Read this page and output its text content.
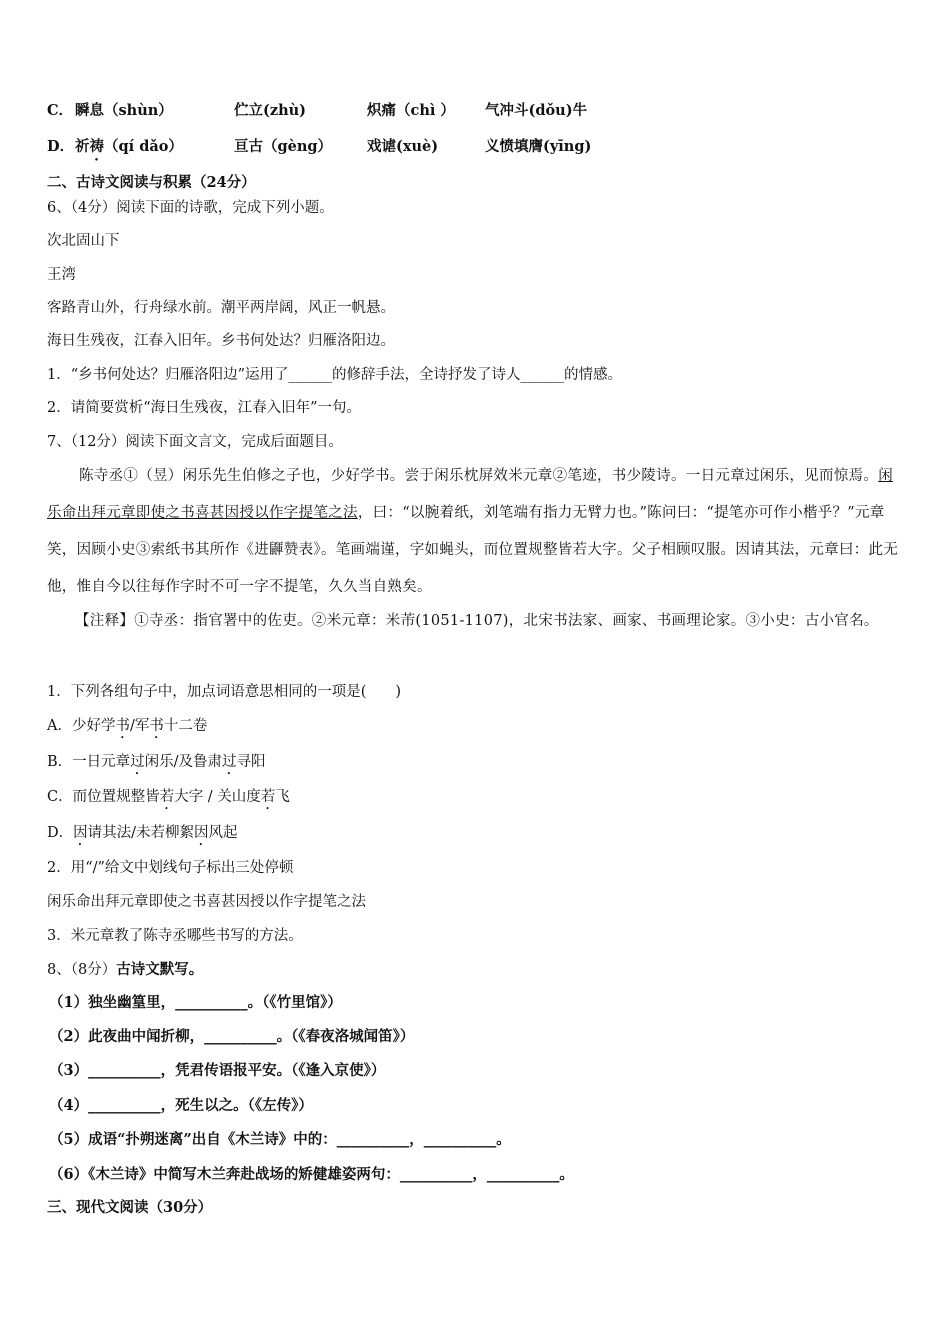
C． 瞬息（shùn）	伫立(zhù)	炽痛（chì ） 气冲斗(dǒu)牛
D． 祈祷（qí dǎo）	亘古（gèng） 戏谑(xuè)	义愤填膺(yīng)
二、古诗文阅读与积累（24分）
6、（4分）阅读下面的诗歌，完成下列小题。
次北固山下
王湾
客路青山外，行舟绿水前。潮平两岸阔，风正一帆悬。
海日生残夜，江春入旧年。乡书何处达？归雁洛阳边。
1．“乡书何处达？归雁洛阳边”运用了______的修辞手法，全诗抒发了诗人______的情感。
2．请简要赏析“海日生残夜，江春入旧年”一句。
7、（12分）阅读下面文言文，完成后面题目。
陈寺丞①（昱）闲乐先生伯修之子也，少好学书。尝于闲乐枕屏效米元章②笔迹，书少陵诗。一日元章过闲乐，见而惊焉。闲乐命出拜元章即使之书喜甚因授以作字提笔之法，曰：“以腕着纸，刘笔端有指力无臂力也。”陈问曰：“提笔亦可作小楷乎？”元章笑，因顾小史③索纸书其所作《进鼲赞表》。笔画端谨，字如蝇头，而位置规整皆若大字。父子相顾叹服。因请其法，元章曰：此无他，惟自今以往每作字时不可一字不提笔，久久当自熟矣。
【注释】①寺丞：指官署中的佐吏。②米元章：米芾(1051-1107)，北宋书法家、画家、书画理论家。③小史：古小官名。
1．下列各组句子中，加点词语意思相同的一项是(　　)
A．少好学书/军书十二卷
B．一日元章过闲乐/及鲁肃过寻阳
C．而位置规整皆若大字 / 关山度若飞
D．因请其法/未若柳絮因风起
2．用“/”给文中划线句子标出三处停顿
闲乐命出拜元章即使之书喜甚因授以作字提笔之法
3．米元章教了陈寺丞哪些书写的方法。
8、（8分）古诗文默写。
（1）独坐幽篁里，__________。（《竹里馆》）
（2）此夜曲中闻折柳，__________。（《春夜洛城闻笛》）
（3）__________，凭君传语报平安。（《逢入京使》）
（4）__________，死生以之。（《左传》）
（5）成语“扑朔迷离”出自《木兰诗》中的：__________，__________。
（6）《木兰诗》中简写木兰奔赴战场的矫健雄姿两句：__________，__________。
三、现代文阅读（30分）
